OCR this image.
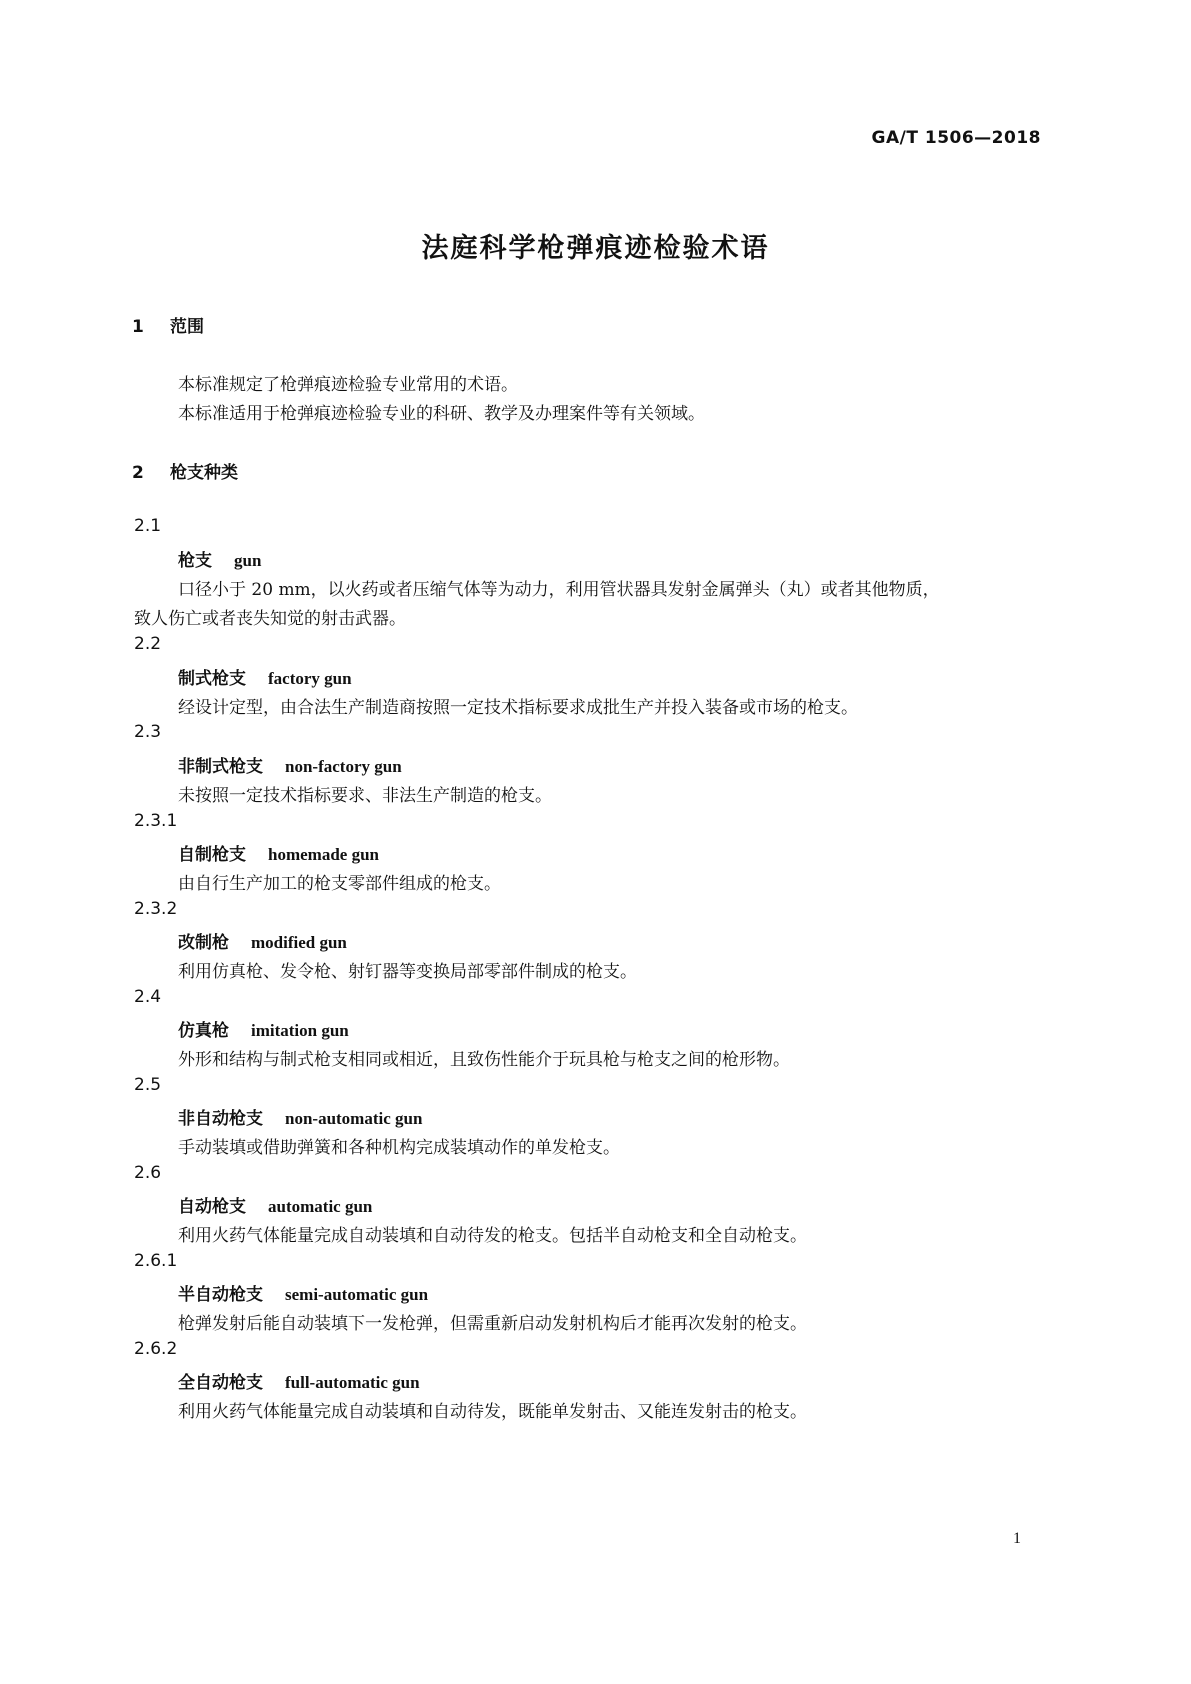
GA/T 1506—2018
法庭科学枪弹痕迹检验术语
1 范围
本标准规定了枪弹痕迹检验专业常用的术语。
本标准适用于枪弹痕迹检验专业的科研、教学及办理案件等有关领域。
2 枪支种类
2.1
枪支 gun
口径小于 20 mm，以火药或者压缩气体等为动力，利用管状器具发射金属弹头（丸）或者其他物质，
致人伤亡或者丧失知觉的射击武器。
2.2
制式枪支 factory gun
经设计定型，由合法生产制造商按照一定技术指标要求成批生产并投入装备或市场的枪支。
2.3
非制式枪支 non-factory gun
未按照一定技术指标要求、非法生产制造的枪支。
2.3.1
自制枪支 homemade gun
由自行生产加工的枪支零部件组成的枪支。
2.3.2
改制枪 modified gun
利用仿真枪、发令枪、射钉器等变换局部零部件制成的枪支。
2.4
仿真枪 imitation gun
外形和结构与制式枪支相同或相近，且致伤性能介于玩具枪与枪支之间的枪形物。
2.5
非自动枪支 non-automatic gun
手动装填或借助弹簧和各种机构完成装填动作的单发枪支。
2.6
自动枪支 automatic gun
利用火药气体能量完成自动装填和自动待发的枪支。包括半自动枪支和全自动枪支。
2.6.1
半自动枪支 semi-automatic gun
枪弹发射后能自动装填下一发枪弹，但需重新启动发射机构后才能再次发射的枪支。
2.6.2
全自动枪支 full-automatic gun
利用火药气体能量完成自动装填和自动待发，既能单发射击、又能连发射击的枪支。
1
